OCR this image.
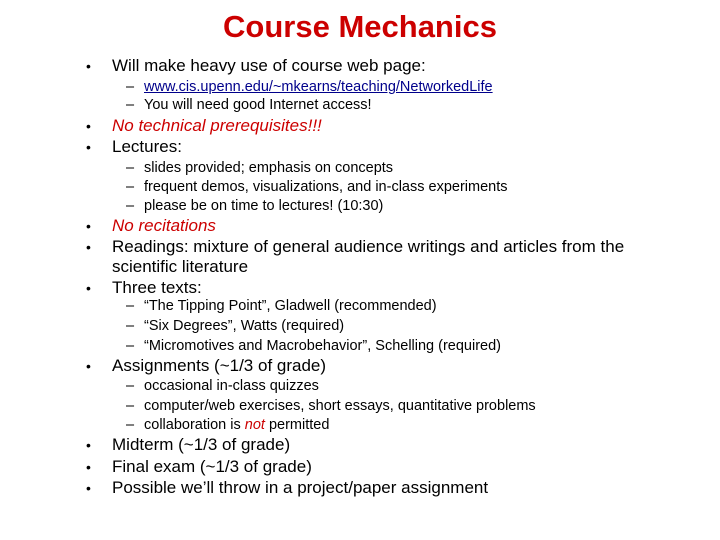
Course Mechanics
• Will make heavy use of course web page:
– www.cis.upenn.edu/~mkearns/teaching/NetworkedLife
– You will need good Internet access!
• No technical prerequisites!!!
• Lectures:
– slides provided; emphasis on concepts
– frequent demos, visualizations, and in-class experiments
– please be on time to lectures! (10:30)
• No recitations
• Readings: mixture of general audience writings and articles from the scientific literature
• Three texts:
– “The Tipping Point”, Gladwell (recommended)
– “Six Degrees”, Watts (required)
– “Micromotives and Macrobehavior”, Schelling (required)
• Assignments (~1/3 of grade)
– occasional in-class quizzes
– computer/web exercises, short essays, quantitative problems
– collaboration is not permitted
• Midterm (~1/3 of grade)
• Final exam (~1/3 of grade)
• Possible we’ll throw in a project/paper assignment
